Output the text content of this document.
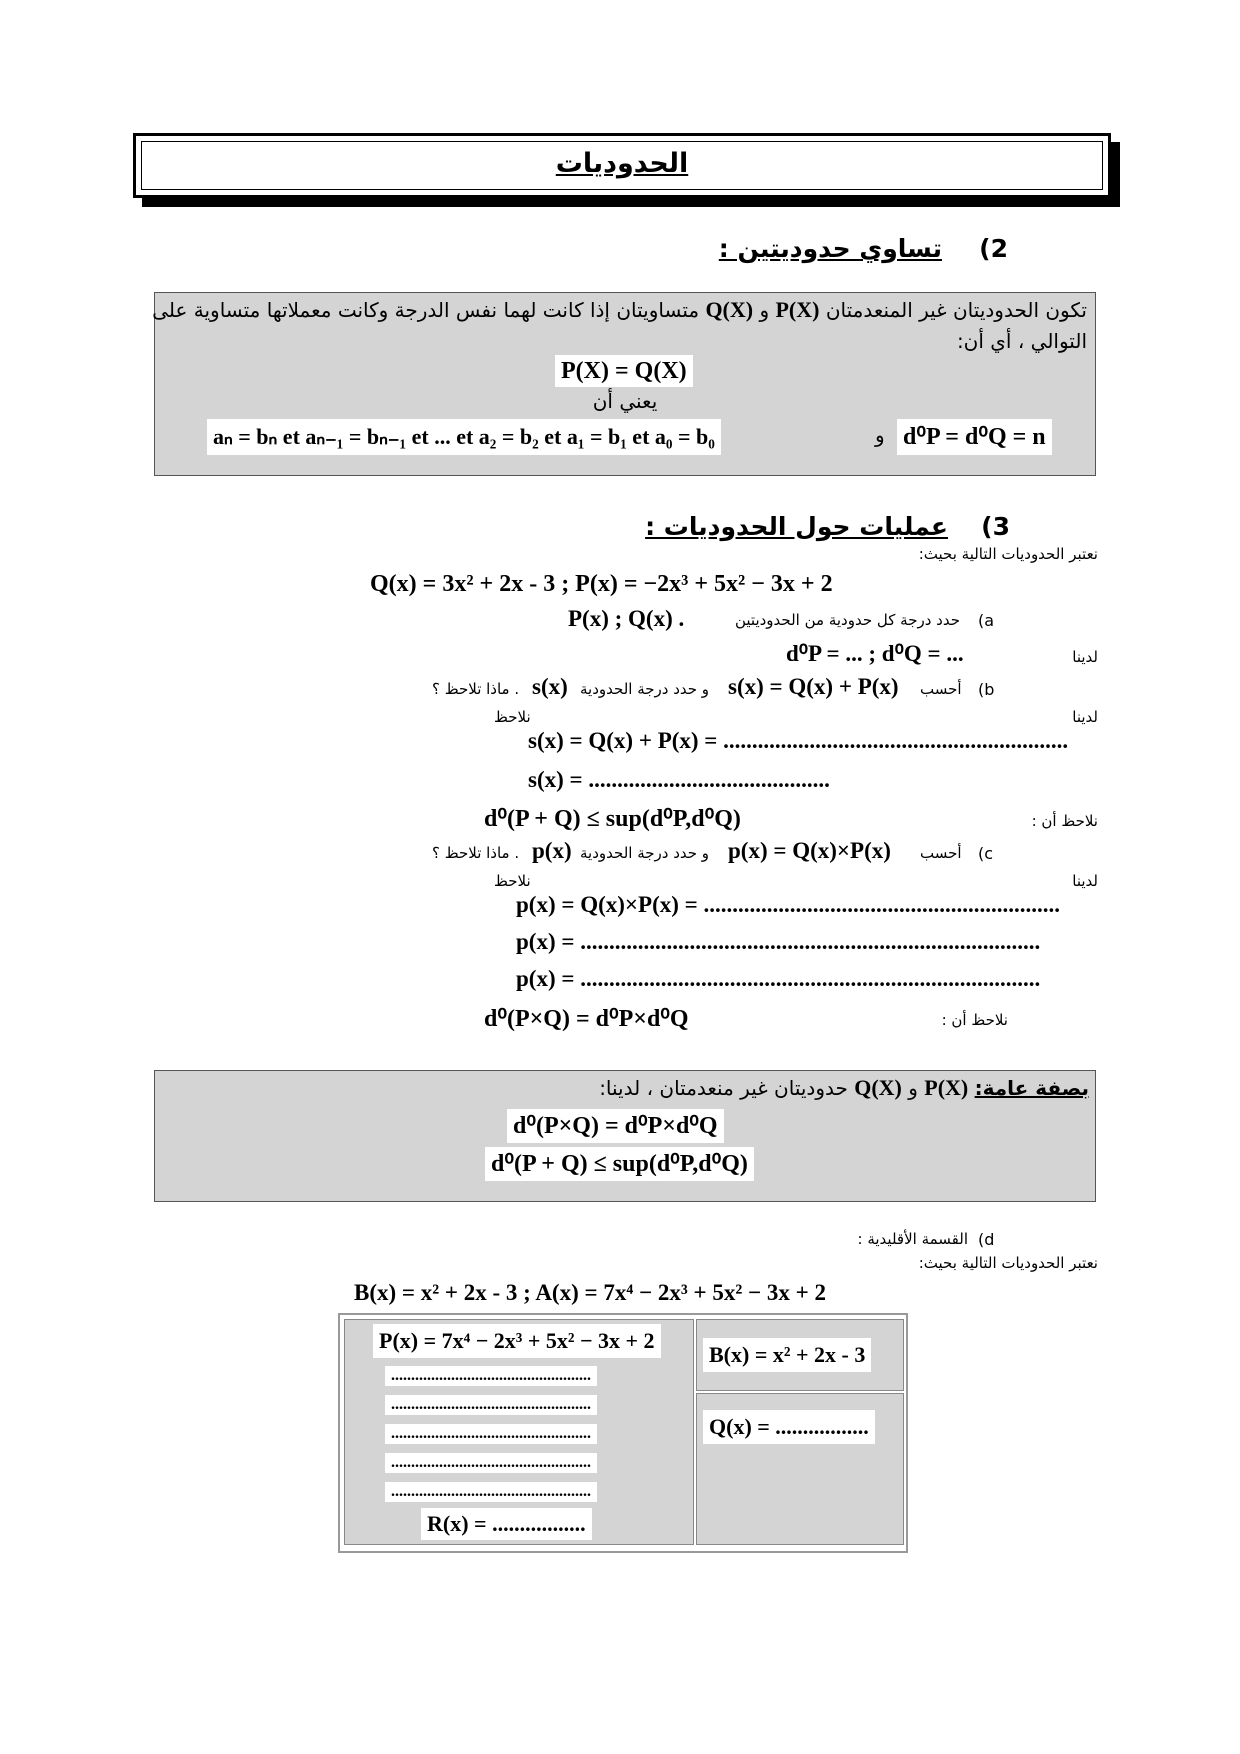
الحدوديات
2)
تساوي حدوديتين :
تكون الحدوديتان غير المنعدمتان P(X) و Q(X) متساويتان إذا كانت لهما نفس الدرجة وكانت معملاتها متساوية على
التوالي ، أي أن:
P(X) = Q(X)
يعني أن
aₙ = bₙ et aₙ₋₁ = bₙ₋₁ et ... et a₂ = b₂ et a₁ = b₁ et a₀ = b₀	و d⁰P = d⁰Q = n
3)
عمليات حول الحدوديات :
نعتبر الحدوديات التالية بحيث:
Q(x) = 3x² + 2x - 3 ; P(x) = −2x³ + 5x² − 3x + 2
(a
حدد درجة كل حدودية من الحدوديتين
P(x) ; Q(x) .
لدينا
d⁰P = ... ; d⁰Q = ...
(b
أحسب
s(x) = Q(x) + P(x)
و حدد درجة الحدودية
s(x)
. ماذا تلاحظ ؟
لدينا
نلاحظ
s(x) = Q(x) + P(x) = ............................................................
s(x) = ..........................................
نلاحظ أن :
d⁰(P + Q) ≤ sup(d⁰P,d⁰Q)
(c
أحسب
p(x) = Q(x)×P(x)
و حدد درجة الحدودية
p(x)
. ماذا تلاحظ ؟
لدينا
نلاحظ
p(x) = Q(x)×P(x) = ..............................................................
p(x) = ................................................................................
p(x) = ................................................................................
نلاحظ أن :
d⁰(P×Q) = d⁰P×d⁰Q
بصفة عامة: P(X) و Q(X) حدوديتان غير منعدمتان ، لدينا:
d⁰(P×Q) = d⁰P×d⁰Q
d⁰(P + Q) ≤ sup(d⁰P,d⁰Q)
(d
القسمة الأقليدية :
نعتبر الحدوديات التالية بحيث:
B(x) = x² + 2x - 3 ; A(x) = 7x⁴ − 2x³ + 5x² − 3x + 2
P(x) = 7x⁴ − 2x³ + 5x² − 3x + 2
..................................................
..................................................
..................................................
..................................................
..................................................
R(x) = .................
B(x) = x² + 2x - 3
Q(x) = .................
